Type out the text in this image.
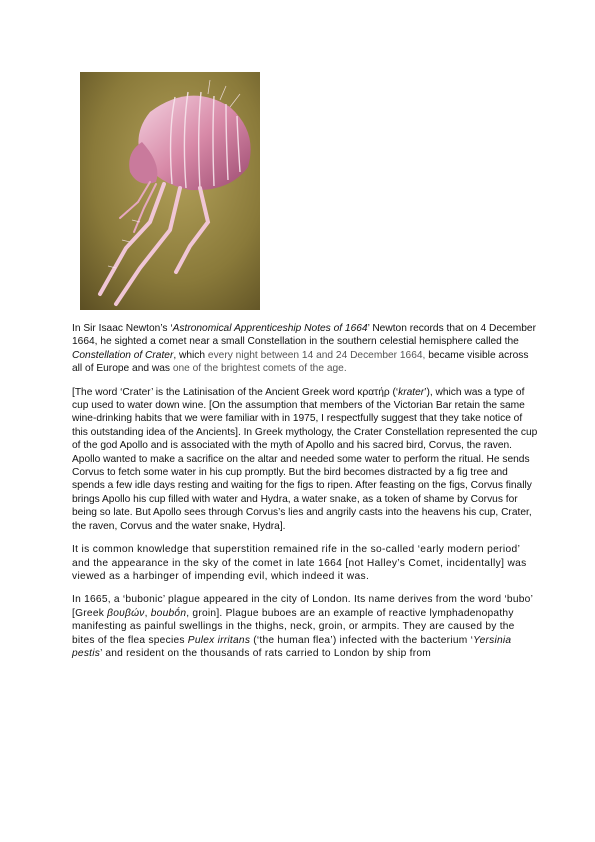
In Sir Isaac Newton’s ‘Astronomical Apprenticeship Notes of 1664’ Newton records that on 4 December 1664, he sighted a comet near a small Constellation in the southern celestial hemisphere called the Constellation of Crater, which every night between 14 and 24 December 1664, became visible across all of Europe and was one of the brightest comets of the age.

[The word ‘Crater’ is the Latinisation of the Ancient Greek word κρατήρ (‘krater’), which was a type of cup used to water down wine. [On the assumption that members of the Victorian Bar retain the same wine-drinking habits that we were familiar with in 1975, I respectfully suggest that they take notice of this outstanding idea of the Ancients]. In Greek mythology, the Crater Constellation represented the cup of the god Apollo and is associated with the myth of Apollo and his sacred bird, Corvus, the raven. Apollo wanted to make a sacrifice on the altar and needed some water to perform the ritual. He sends Corvus to fetch some water in his cup promptly. But the bird becomes distracted by a fig tree and spends a few idle days resting and waiting for the figs to ripen. After feasting on the figs, Corvus finally brings Apollo his cup filled with water and Hydra, a water snake, as a token of shame by Corvus for being so late. But Apollo sees through Corvus’s lies and angrily casts into the heavens his cup, Crater, the raven, Corvus and the water snake, Hydra].

It is common knowledge that superstition remained rife in the so-called ‘early modern period’ and the appearance in the sky of the comet in late 1664 [not Halley’s Comet, incidentally] was viewed as a harbinger of impending evil, which indeed it was.

In 1665, a ‘bubonic’ plague appeared in the city of London. Its name derives from the word ‘bubo’ [Greek βουβών, boubṓn, groin]. Plague buboes are an example of reactive lymphadenopathy manifesting as painful swellings in the thighs, neck, groin, or armpits. They are caused by the bites of the flea species Pulex irritans (‘the human flea’) infected with the bacterium ‘Yersinia pestis’ and resident on the thousands of rats carried to London by ship from
